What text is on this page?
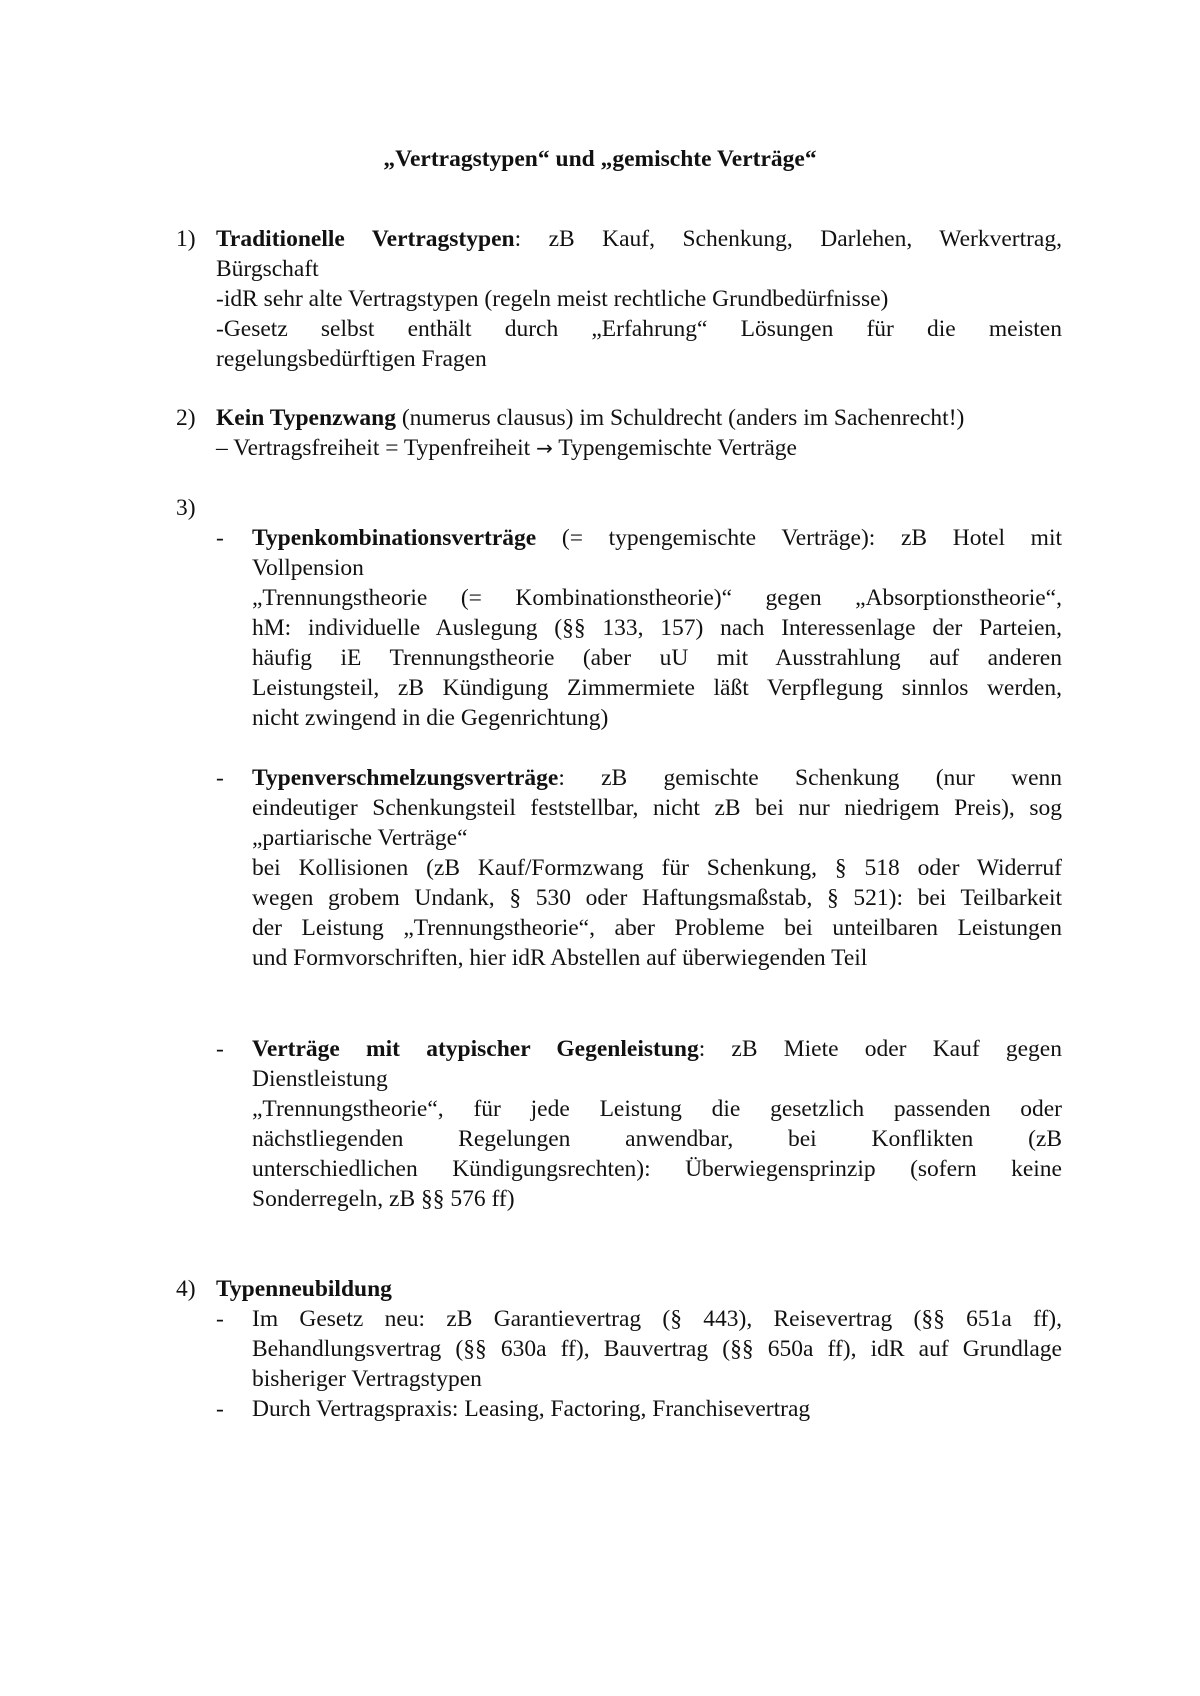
„Vertragstypen“ und „gemischte Verträge“
1) Traditionelle Vertragstypen: zB Kauf, Schenkung, Darlehen, Werkvertrag,
Bürgschaft
-idR sehr alte Vertragstypen (regeln meist rechtliche Grundbedürfnisse)
-Gesetz selbst enthält durch „Erfahrung“ Lösungen für die meisten
regelungsbedürftigen Fragen
2) Kein Typenzwang (numerus clausus) im Schuldrecht (anders im Sachenrecht!)
– Vertragsfreiheit = Typenfreiheit → Typengemischte Verträge
3)
- Typenkombinationsverträge (= typengemischte Verträge): zB Hotel mit
Vollpension
„Trennungstheorie (= Kombinationstheorie)“ gegen „Absorptionstheorie“,
hM: individuelle Auslegung (§§ 133, 157) nach Interessenlage der Parteien,
häufig iE Trennungstheorie (aber uU mit Ausstrahlung auf anderen
Leistungsteil, zB Kündigung Zimmermiete läßt Verpflegung sinnlos werden,
nicht zwingend in die Gegenrichtung)
- Typenverschmelzungsverträge: zB gemischte Schenkung (nur wenn
eindeutiger Schenkungsteil feststellbar, nicht zB bei nur niedrigem Preis), sog
„partiarische Verträge“
bei Kollisionen (zB Kauf/Formzwang für Schenkung, § 518 oder Widerruf
wegen grobem Undank, § 530 oder Haftungsmaßstab, § 521): bei Teilbarkeit
der Leistung „Trennungstheorie“, aber Probleme bei unteilbaren Leistungen
und Formvorschriften, hier idR Abstellen auf überwiegenden Teil
- Verträge mit atypischer Gegenleistung: zB Miete oder Kauf gegen
Dienstleistung
„Trennungstheorie“, für jede Leistung die gesetzlich passenden oder
nächstliegenden Regelungen anwendbar, bei Konflikten (zB
unterschiedlichen Kündigungsrechten): Überwiegensprinzip (sofern keine
Sonderregeln, zB §§ 576 ff)
4) Typenneubildung
- Im Gesetz neu: zB Garantievertrag (§ 443), Reisevertrag (§§ 651a ff),
Behandlungsvertrag (§§ 630a ff), Bauvertrag (§§ 650a ff), idR auf Grundlage
bisheriger Vertragstypen
- Durch Vertragspraxis: Leasing, Factoring, Franchisevertrag
